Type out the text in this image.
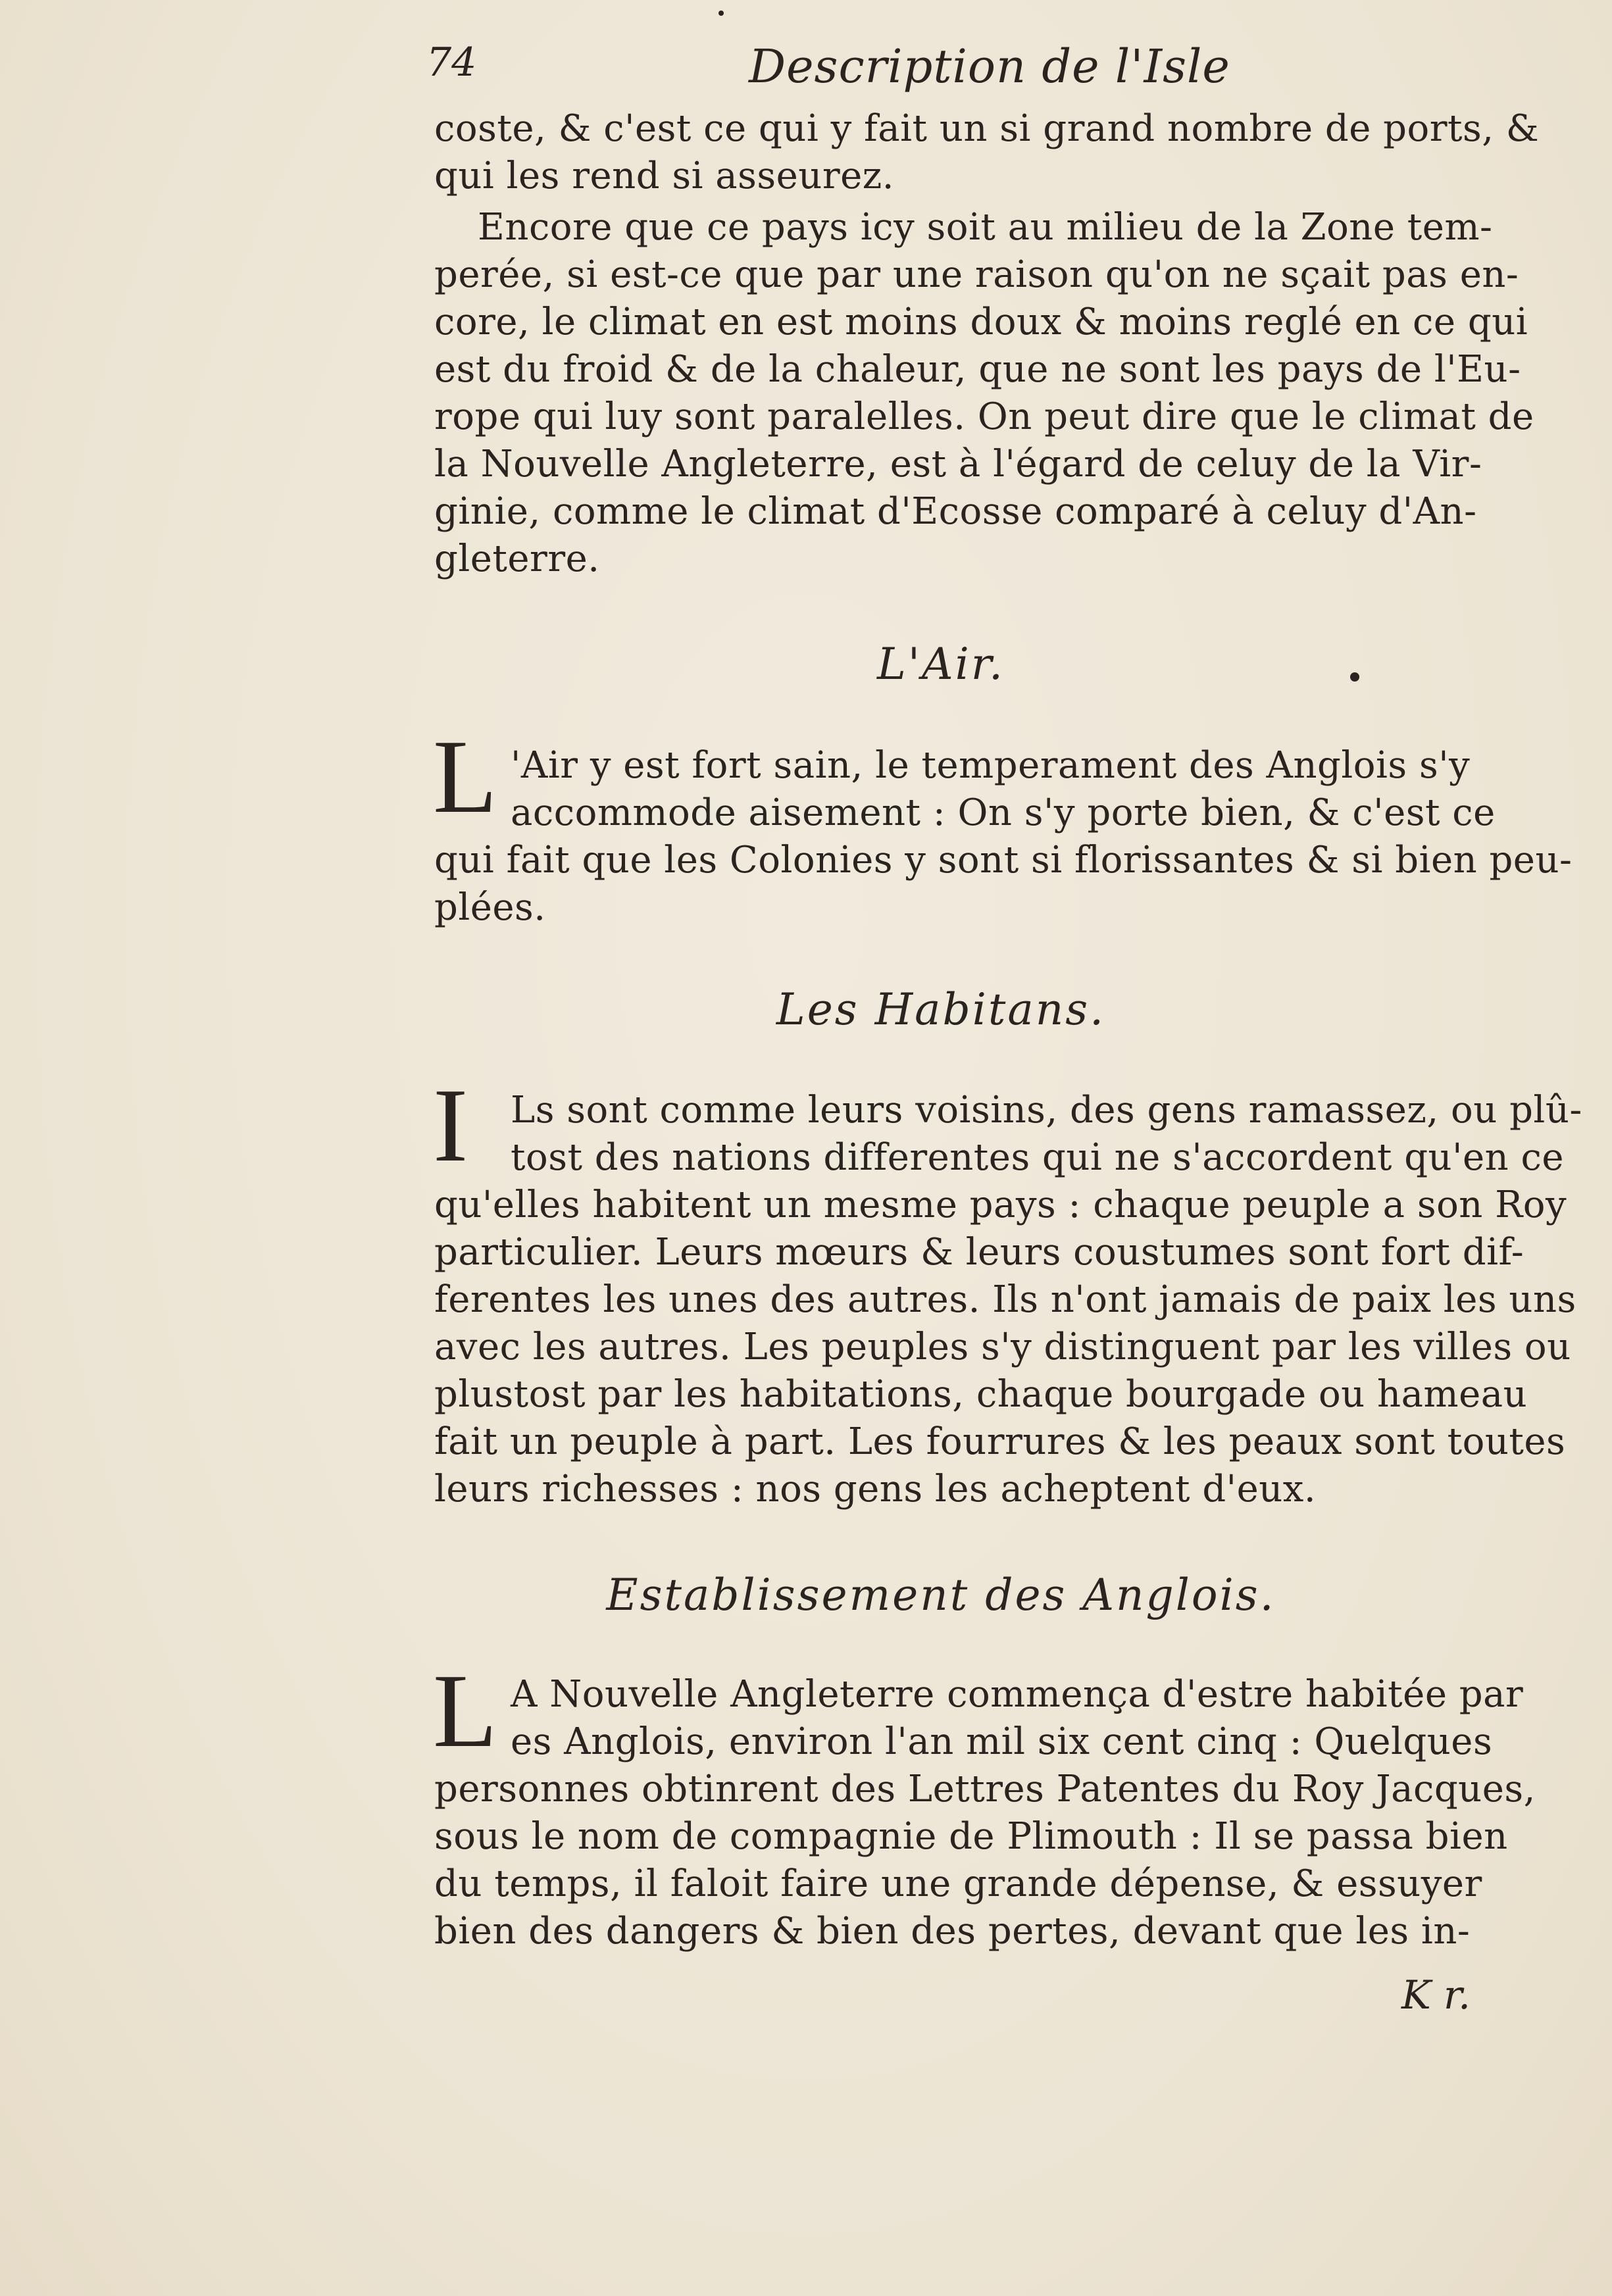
74	Description de l'Isle
coste, & c'est ce qui y fait un si grand nombre de ports, &
qui les rend si asseurez.
Encore que ce pays icy soit au milieu de la Zone tem-
perée, si est-ce que par une raison qu'on ne sçait pas en-
core, le climat en est moins doux & moins reglé en ce qui
est du froid & de la chaleur, que ne sont les pays de l'Eu-
rope qui luy sont paralelles. On peut dire que le climat de
la Nouvelle Angleterre, est à l'égard de celuy de la Vir-
ginie, comme le climat d'Ecosse comparé à celuy d'An-
gleterre.
L'Air.
L 'Air y est fort sain, le temperament des Anglois s'y
accommode aisement : On s'y porte bien, & c'est ce
qui fait que les Colonies y sont si florissantes & si bien peu-
plées.
Les Habitans.
I Ls sont comme leurs voisins, des gens ramassez, ou plû-
tost des nations differentes qui ne s'accordent qu'en ce
qu'elles habitent un mesme pays : chaque peuple a son Roy
particulier. Leurs mœurs & leurs coustumes sont fort dif-
ferentes les unes des autres. Ils n'ont jamais de paix les uns
avec les autres. Les peuples s'y distinguent par les villes ou
plustost par les habitations, chaque bourgade ou hameau
fait un peuple à part. Les fourrures & les peaux sont toutes
leurs richesses : nos gens les acheptent d'eux.
Establissement des Anglois.
L A Nouvelle Angleterre commença d'estre habitée par
es Anglois, environ l'an mil six cent cinq : Quelques
personnes obtinrent des Lettres Patentes du Roy Jacques,
sous le nom de compagnie de Plimouth : Il se passa bien
du temps, il faloit faire une grande dépense, & essuyer
bien des dangers & bien des pertes, devant que les in-
K r.
